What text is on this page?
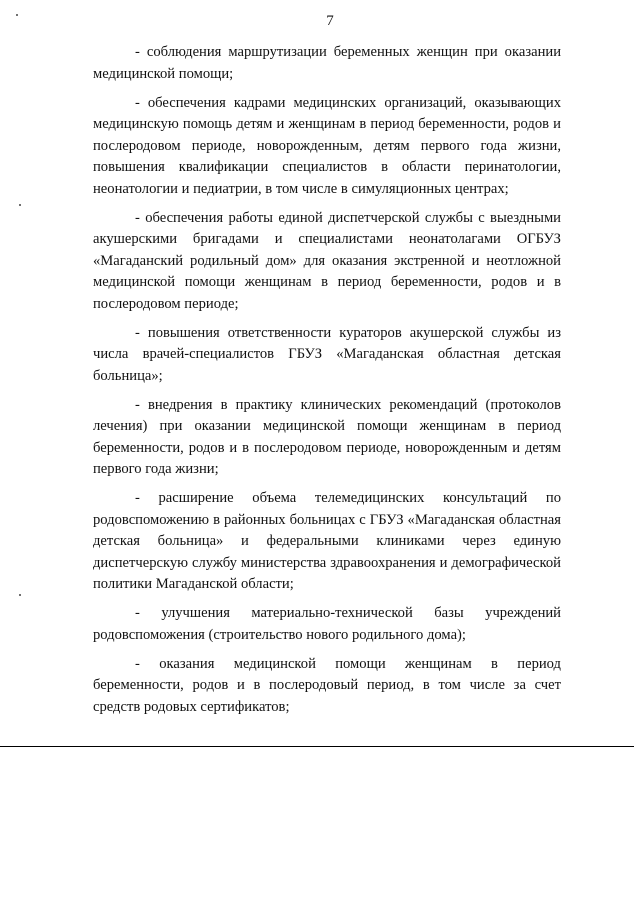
7

- соблюдения маршрутизации беременных женщин при оказании медицинской помощи;

- обеспечения кадрами медицинских организаций, оказывающих медицинскую помощь детям и женщинам в период беременности, родов и послеродовом периоде, новорожденным, детям первого года жизни, повышения квалификации специалистов в области перинатологии, неонатологии и педиатрии, в том числе в симуляционных центрах;

- обеспечения работы единой диспетчерской службы с выездными акушерскими бригадами и специалистами неонатолагами ОГБУЗ «Магаданский родильный дом» для оказания экстренной и неотложной медицинской помощи женщинам в период беременности, родов и в послеродовом периоде;

- повышения ответственности кураторов акушерской службы из числа врачей-специалистов ГБУЗ «Магаданская областная детская больница»;

- внедрения в практику клинических рекомендаций (протоколов лечения) при оказании медицинской помощи женщинам в период беременности, родов и в послеродовом периоде, новорожденным и детям первого года жизни;

- расширение объема телемедицинских консультаций по родовспоможению в районных больницах с ГБУЗ «Магаданская областная детская больница» и федеральными клиниками через единую диспетчерскую службу министерства здравоохранения и демографической политики Магаданской области;

- улучшения материально-технической базы учреждений родовспоможения (строительство нового родильного дома);

- оказания медицинской помощи женщинам в период беременности, родов и в послеродовый период, в том числе за счет средств родовых сертификатов;
